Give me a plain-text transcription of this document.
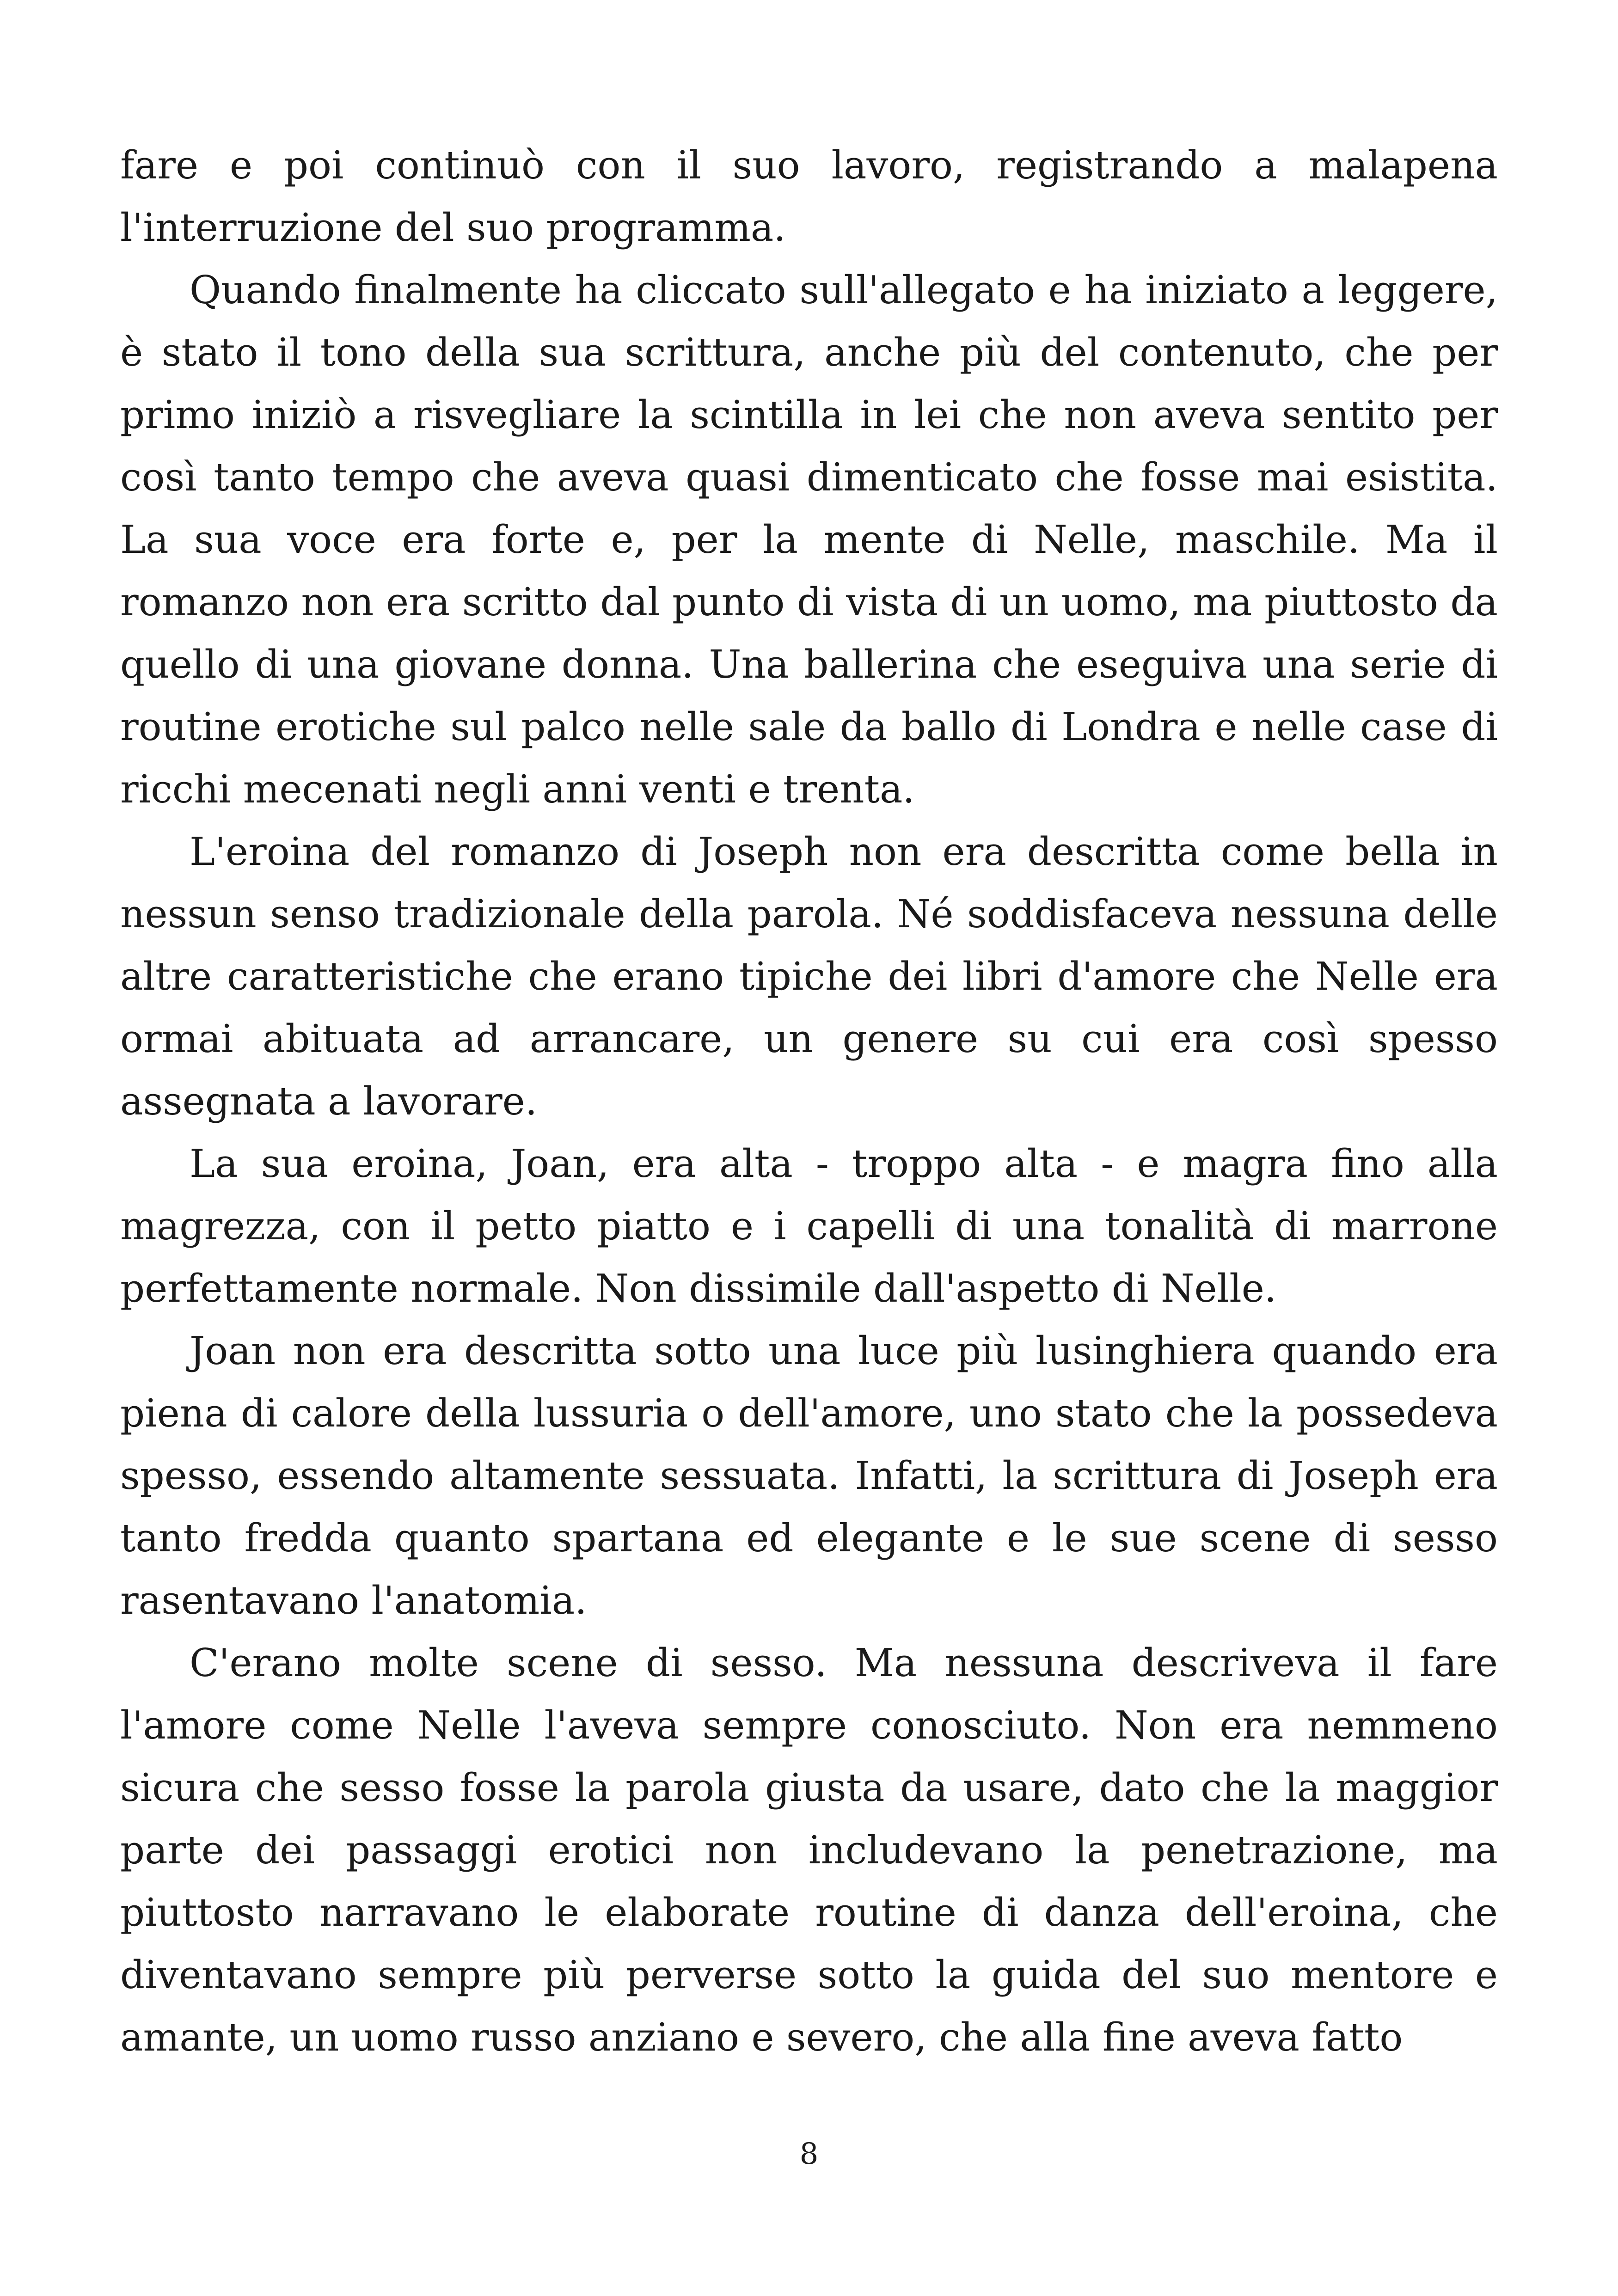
fare e poi continuò con il suo lavoro, registrando a malapena l'interruzione del suo programma.

Quando finalmente ha cliccato sull'allegato e ha iniziato a leggere, è stato il tono della sua scrittura, anche più del contenuto, che per primo iniziò a risvegliare la scintilla in lei che non aveva sentito per così tanto tempo che aveva quasi dimenticato che fosse mai esistita. La sua voce era forte e, per la mente di Nelle, maschile. Ma il romanzo non era scritto dal punto di vista di un uomo, ma piuttosto da quello di una giovane donna. Una ballerina che eseguiva una serie di routine erotiche sul palco nelle sale da ballo di Londra e nelle case di ricchi mecenati negli anni venti e trenta.

L'eroina del romanzo di Joseph non era descritta come bella in nessun senso tradizionale della parola. Né soddisfaceva nessuna delle altre caratteristiche che erano tipiche dei libri d'amore che Nelle era ormai abituata ad arrancare, un genere su cui era così spesso assegnata a lavorare.

La sua eroina, Joan, era alta - troppo alta - e magra fino alla magrezza, con il petto piatto e i capelli di una tonalità di marrone perfettamente normale. Non dissimile dall'aspetto di Nelle.

Joan non era descritta sotto una luce più lusinghiera quando era piena di calore della lussuria o dell'amore, uno stato che la possedeva spesso, essendo altamente sessuata. Infatti, la scrittura di Joseph era tanto fredda quanto spartana ed elegante e le sue scene di sesso rasentavano l'anatomia.

C'erano molte scene di sesso. Ma nessuna descriveva il fare l'amore come Nelle l'aveva sempre conosciuto. Non era nemmeno sicura che sesso fosse la parola giusta da usare, dato che la maggior parte dei passaggi erotici non includevano la penetrazione, ma piuttosto narravano le elaborate routine di danza dell'eroina, che diventavano sempre più perverse sotto la guida del suo mentore e amante, un uomo russo anziano e severo, che alla fine aveva fatto

8
